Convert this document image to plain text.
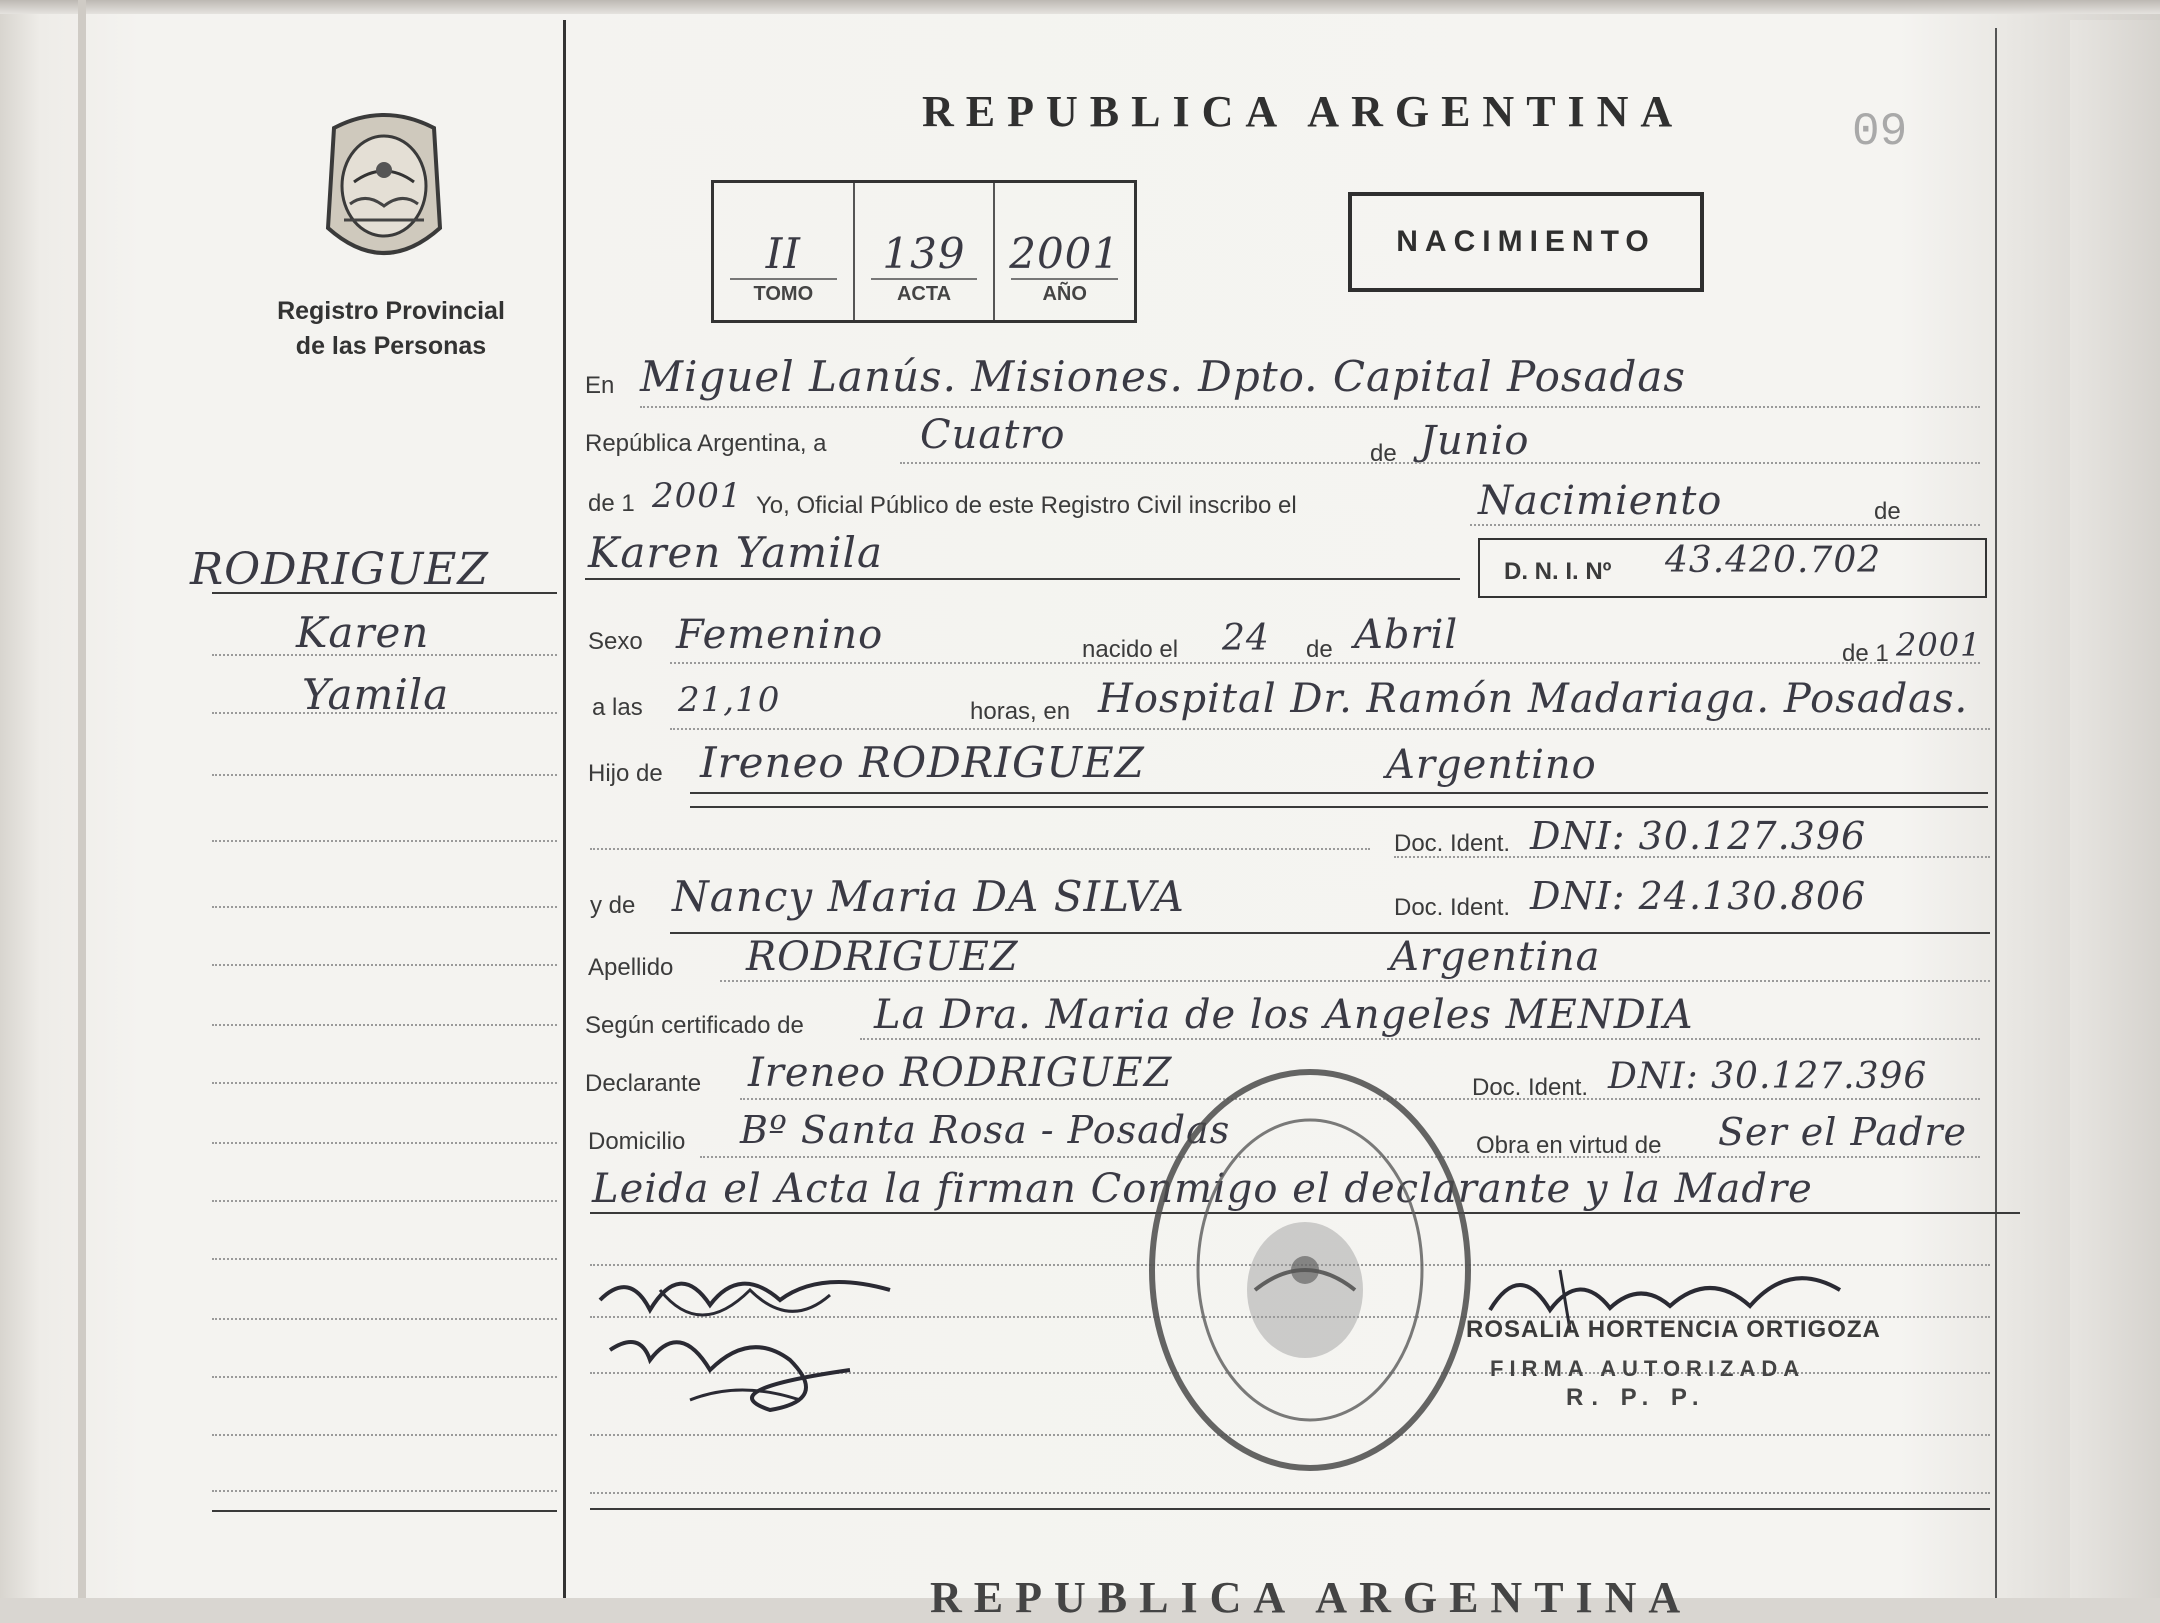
Registro Provincial
de las Personas
REPUBLICA ARGENTINA	09
II
TOMO
139
ACTA
2001
AÑO
NACIMIENTO
RODRIGUEZ
Karen
Yamila
En Miguel Lanús. Misiones. Dpto. Capital Posadas
República Argentina, a Cuatro	de Junio
de 1 2001 Yo, Oficial Público de este Registro Civil inscribo el	Nacimiento	de
Karen Yamila	D. N. I. Nº 43.420.702
Sexo Femenino	nacido el 24 de Abril	de 1 2001
a las 21,10	horas, en Hospital Dr. Ramón Madariaga. Posadas.
Hijo de Ireneo RODRIGUEZ	Argentino
Doc. Ident. DNI: 30.127.396
y de Nancy Maria DA SILVA	Doc. Ident. DNI: 24.130.806
Apellido RODRIGUEZ	Argentina
Según certificado de La Dra. Maria de los Angeles MENDIA
Declarante Ireneo RODRIGUEZ	Doc. Ident. DNI: 30.127.396
Domicilio Bº Santa Rosa - Posadas	Obra en virtud de Ser el Padre
Leida el Acta la firman Conmigo el declarante y la Madre
ROSALIA HORTENCIA ORTIGOZA
FIRMA AUTORIZADA
R. P. P.
REPUBLICA ARGENTINA
